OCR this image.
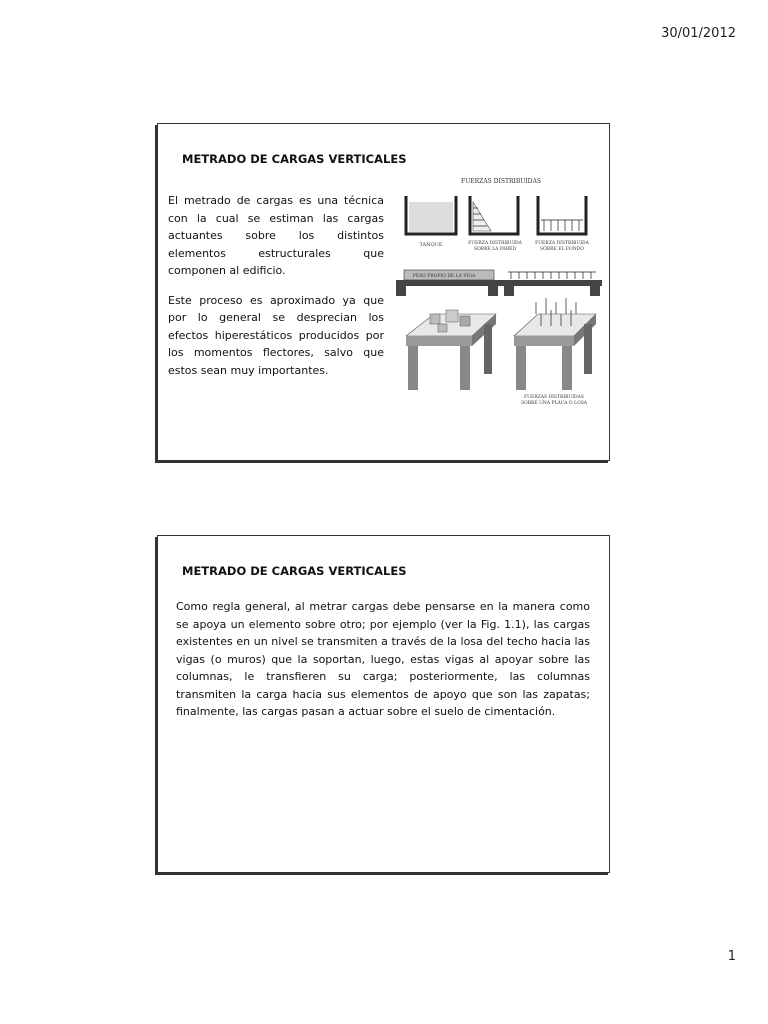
30/01/2012
METRADO DE CARGAS VERTICALES

El metrado de cargas es una técnica con la cual se estiman las cargas actuantes sobre los distintos elementos estructurales que componen al edificio.

Este proceso es aproximado ya que por lo general se desprecian los efectos hiperestáticos producidos por los momentos flectores, salvo que estos sean muy importantes.

FUERZAS DISTRIBUIDAS
TANQUE	FUERZA DISTRIBUIDA
SOBRE LA PARED
FUERZA DISTRIBUIDA
SOBRE EL FONDO
PESO PROPIO DE LA VIGA
FUERZAS DISTRIBUIDAS
SOBRE UNA PLACA O LOSA
METRADO DE CARGAS VERTICALES

Como regla general, al metrar cargas debe pensarse en la manera como se apoya un elemento sobre otro; por ejemplo (ver la Fig. 1.1), las cargas existentes en un nivel se transmiten a través de la losa del techo hacia las vigas (o muros) que la soportan, luego, estas vigas al apoyar sobre las columnas, le transfieren su carga; posteriormente, las columnas transmiten la carga hacia sus elementos de apoyo que son las zapatas; finalmente, las cargas pasan a actuar sobre el suelo de cimentación.

1
